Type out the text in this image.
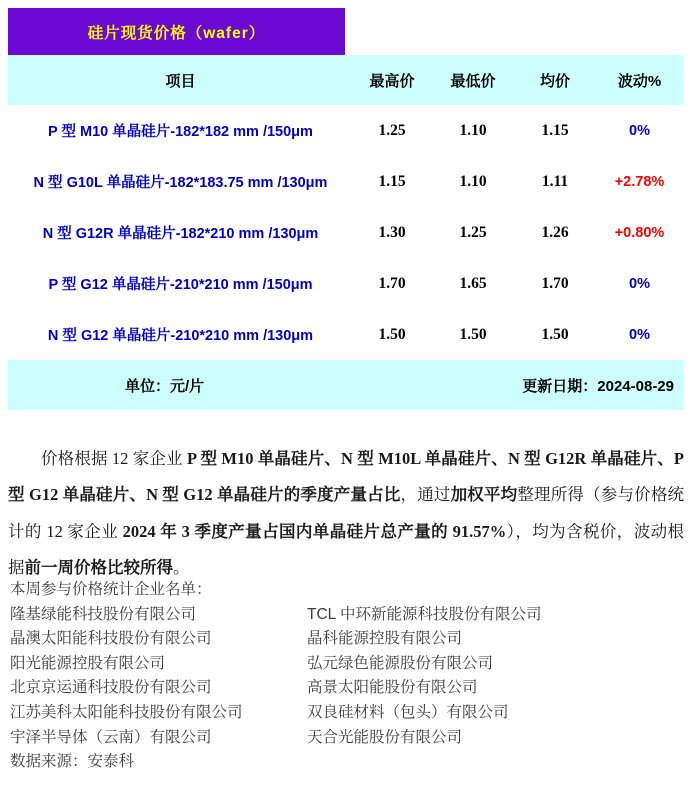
硅片现货价格（wafer）
项目	最高价	最低价	均价	波动%
P 型 M10 单晶硅片-182*182 mm /150μm	1.25	1.10	1.15	0%
N 型 G10L 单晶硅片-182*183.75 mm /130μm	1.15	1.10	1.11	+2.78%
N 型 G12R 单晶硅片-182*210 mm /130μm	1.30	1.25	1.26	+0.80%
P 型 G12 单晶硅片-210*210 mm /150μm	1.70	1.65	1.70	0%
N 型 G12 单晶硅片-210*210 mm /130μm	1.50	1.50	1.50	0%
单位：元/片	更新日期：2024-08-29
价格根据 12 家企业 P 型 M10 单晶硅片、N 型 M10L 单晶硅片、N 型 G12R 单晶硅片、P 型 G12 单晶硅片、N 型 G12 单晶硅片的季度产量占比，通过加权平均整理所得（参与价格统计的 12 家企业 2024 年 3 季度产量占国内单晶硅片总产量的 91.57%），均为含税价，波动根据前一周价格比较所得。
本周参与价格统计企业名单：
隆基绿能科技股份有限公司	TCL 中环新能源科技股份有限公司
晶澳太阳能科技股份有限公司	晶科能源控股有限公司
阳光能源控股有限公司	弘元绿色能源股份有限公司
北京京运通科技股份有限公司	高景太阳能股份有限公司
江苏美科太阳能科技股份有限公司	双良硅材料（包头）有限公司
宇泽半导体（云南）有限公司	天合光能股份有限公司
数据来源：安泰科
